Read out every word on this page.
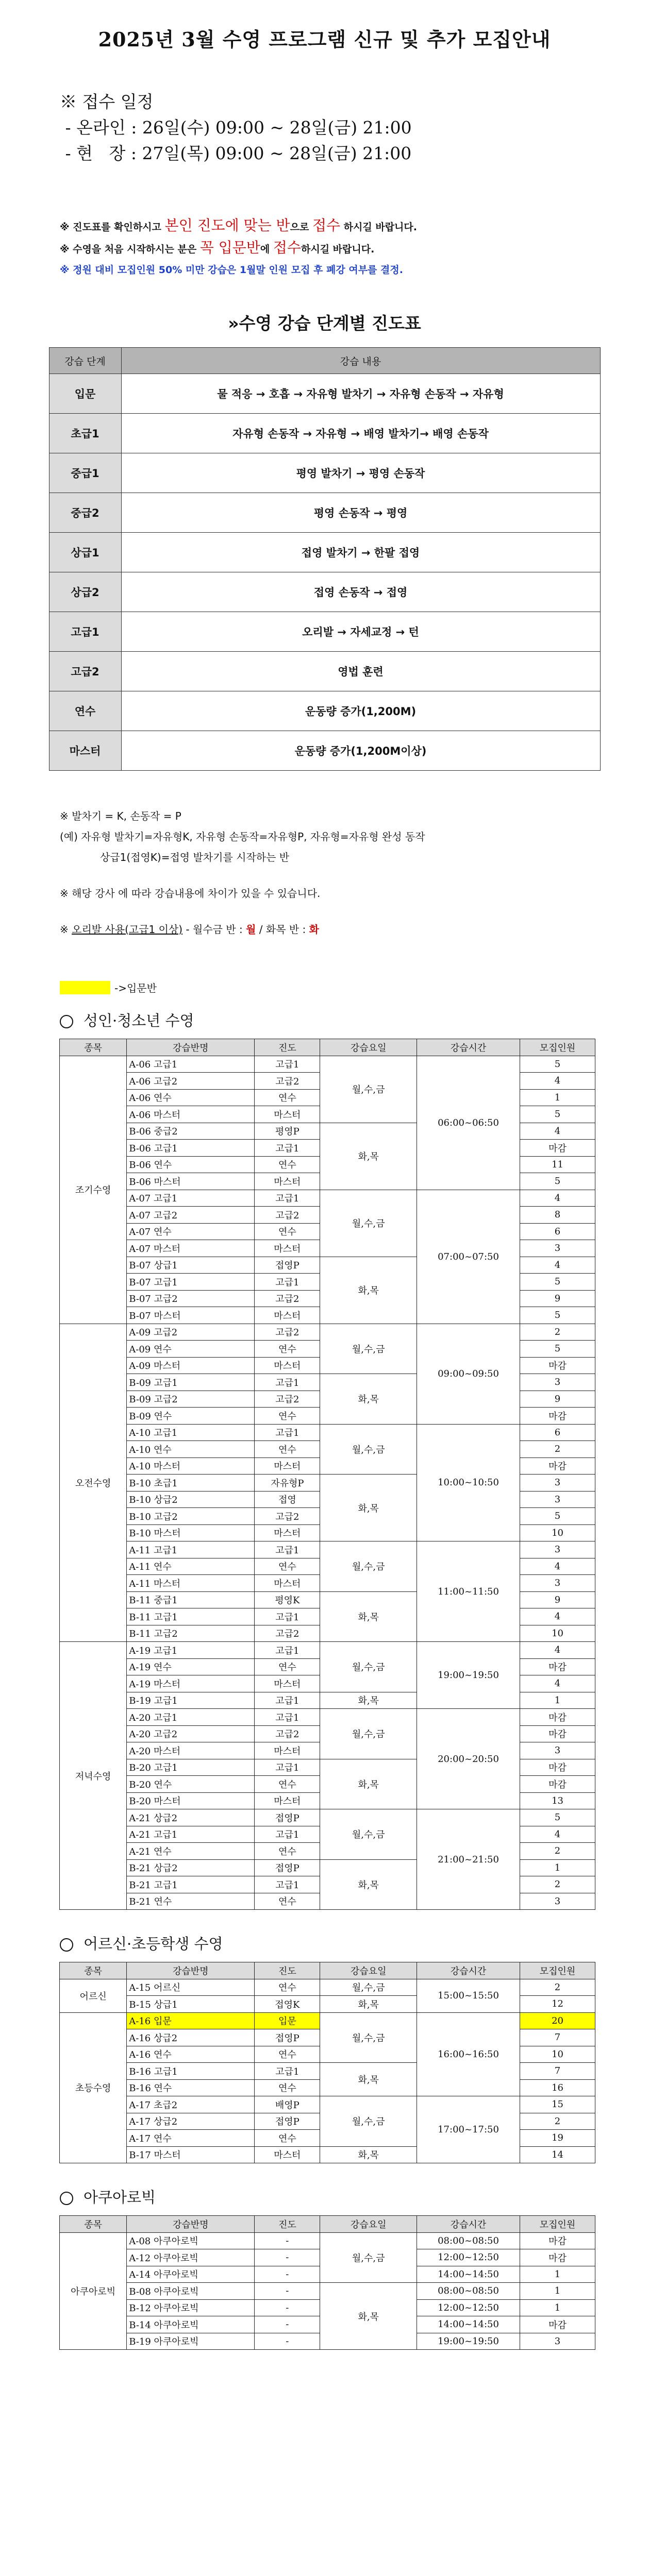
2025년 3월 수영 프로그램 신규 및 추가 모집안내
※ 접수 일정
- 온라인 : 26일(수) 09:00 ~ 28일(금) 21:00
- 현   장 : 27일(목) 09:00 ~ 28일(금) 21:00
※ 진도표를 확인하시고 본인 진도에 맞는 반으로 접수 하시길 바랍니다.
※ 수영을 처음 시작하시는 분은 꼭 입문반에 접수하시길 바랍니다.
※ 정원 대비 모집인원 50% 미만 강습은 1월말 인원 모집 후 폐강 여부를 결정.
»수영 강습 단계별 진도표
강습 단계	강습 내용
입문	물 적응 → 호흡 → 자유형 발차기 → 자유형 손동작 → 자유형
초급1	자유형 손동작 → 자유형 → 배영 발차기→ 배영 손동작
중급1	평영 발차기 → 평영 손동작
중급2	평영 손동작 → 평영
상급1	접영 발차기 → 한팔 접영
상급2	접영 손동작 → 접영
고급1	오리발 → 자세교정 → 턴
고급2	영법 훈련
연수	운동량 증가(1,200M)
마스터	운동량 증가(1,200M이상)
※ 발차기 = K, 손동작 = P
(예) 자유형 발차기=자유형K, 자유형 손동작=자유형P, 자유형=자유형 완성 동작
상급1(접영K)=접영 발차기를 시작하는 반
※ 해당 강사 에 따라 강습내용에 차이가 있을 수 있습니다.
※ 오리발 사용(고급1 이상) - 월수금 반 : 월 / 화목 반 : 화
->입문반
성인·청소년 수영
종목	강습반명	진도	강습요일	강습시간	모집인원
조기수영	A-06 고급1	고급1	월,수,금	06:00~06:50	5
	A-06 고급2	고급2			4
	A-06 연수	연수			1
	A-06 마스터	마스터			5
	B-06 중급2	평영P	화,목		4
	B-06 고급1	고급1			마감
	B-06 연수	연수			11
	B-06 마스터	마스터			5
	A-07 고급1	고급1	월,수,금	07:00~07:50	4
	A-07 고급2	고급2			8
	A-07 연수	연수			6
	A-07 마스터	마스터			3
	B-07 상급1	접영P	화,목		4
	B-07 고급1	고급1			5
	B-07 고급2	고급2			9
	B-07 마스터	마스터			5
오전수영	A-09 고급2	고급2	월,수,금	09:00~09:50	2
	A-09 연수	연수			5
	A-09 마스터	마스터			마감
	B-09 고급1	고급1	화,목		3
	B-09 고급2	고급2			9
	B-09 연수	연수			마감
	A-10 고급1	고급1	월,수,금	10:00~10:50	6
	A-10 연수	연수			2
	A-10 마스터	마스터			마감
	B-10 초급1	자유형P	화,목		3
	B-10 상급2	접영			3
	B-10 고급2	고급2			5
	B-10 마스터	마스터			10
	A-11 고급1	고급1	월,수,금	11:00~11:50	3
	A-11 연수	연수			4
	A-11 마스터	마스터			3
	B-11 중급1	평영K	화,목		9
	B-11 고급1	고급1			4
	B-11 고급2	고급2			10
저녁수영	A-19 고급1	고급1	월,수,금	19:00~19:50	4
	A-19 연수	연수			마감
	A-19 마스터	마스터			4
	B-19 고급1	고급1	화,목		1
	A-20 고급1	고급1	월,수,금	20:00~20:50	마감
	A-20 고급2	고급2			마감
	A-20 마스터	마스터			3
	B-20 고급1	고급1	화,목		마감
	B-20 연수	연수			마감
	B-20 마스터	마스터			13
	A-21 상급2	접영P	월,수,금	21:00~21:50	5
	A-21 고급1	고급1			4
	A-21 연수	연수			2
	B-21 상급2	접영P	화,목		1
	B-21 고급1	고급1			2
	B-21 연수	연수			3
어르신·초등학생 수영
종목	강습반명	진도	강습요일	강습시간	모집인원
어르신	A-15 어르신	연수	월,수,금	15:00~15:50	2
	B-15 상급1	접영K	화,목		12
초등수영	A-16 입문	입문	월,수,금	16:00~16:50	20
	A-16 상급2	접영P			7
	A-16 연수	연수			10
	B-16 고급1	고급1	화,목		7
	B-16 연수	연수			16
	A-17 초급2	배영P	월,수,금	17:00~17:50	15
	A-17 상급2	접영P			2
	A-17 연수	연수			19
	B-17 마스터	마스터	화,목		14
아쿠아로빅
종목	강습반명	진도	강습요일	강습시간	모집인원
아쿠아로빅	A-08 아쿠아로빅	-	월,수,금	08:00~08:50	마감
	A-12 아쿠아로빅	-		12:00~12:50	마감
	A-14 아쿠아로빅	-		14:00~14:50	1
	B-08 아쿠아로빅	-	화,목	08:00~08:50	1
	B-12 아쿠아로빅	-		12:00~12:50	1
	B-14 아쿠아로빅	-		14:00~14:50	마감
	B-19 아쿠아로빅	-		19:00~19:50	3
